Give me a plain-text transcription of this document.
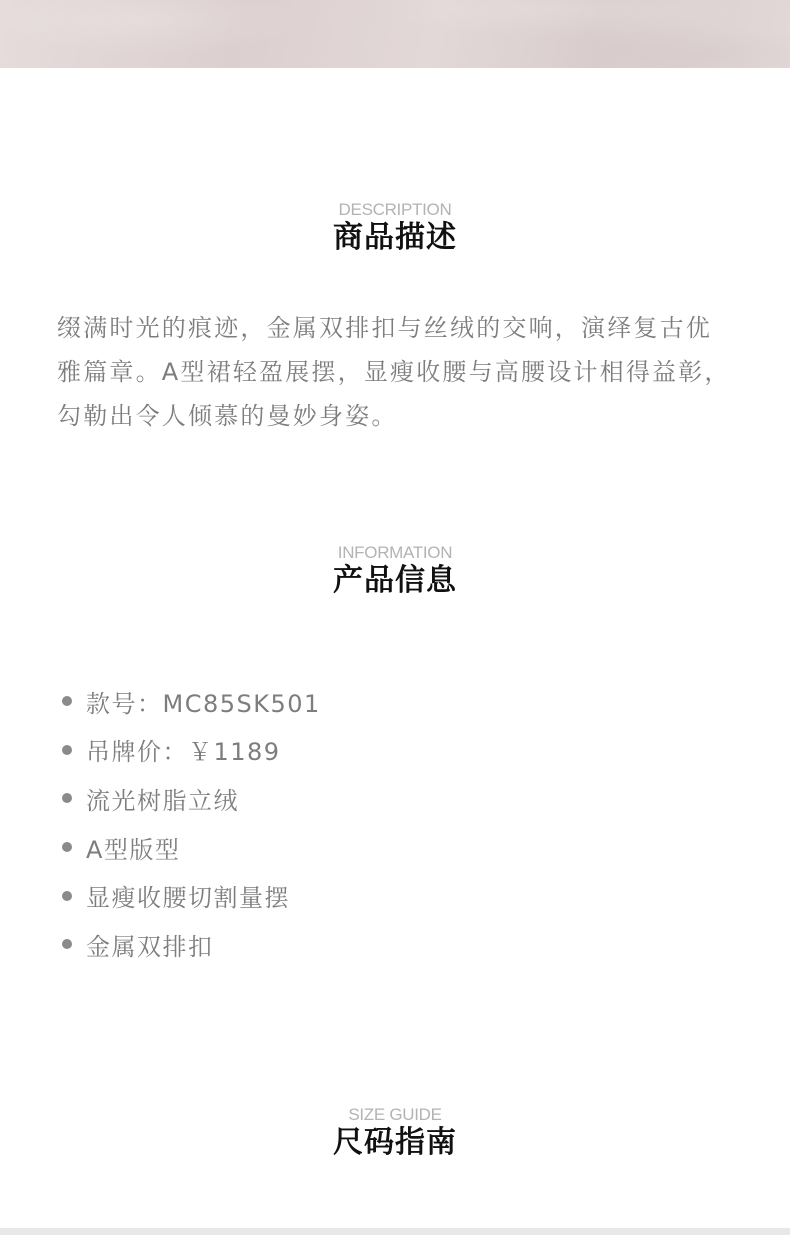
DESCRIPTION
商品描述

缀满时光的痕迹，金属双排扣与丝绒的交响，演绎复古优雅篇章。A型裙轻盈展摆，显瘦收腰与高腰设计相得益彰，勾勒出令人倾慕的曼妙身姿。

INFORMATION
产品信息
款号：MC85SK501
吊牌价：￥1189
流光树脂立绒
A型版型
显瘦收腰切割量摆
金属双排扣
SIZE GUIDE
尺码指南
